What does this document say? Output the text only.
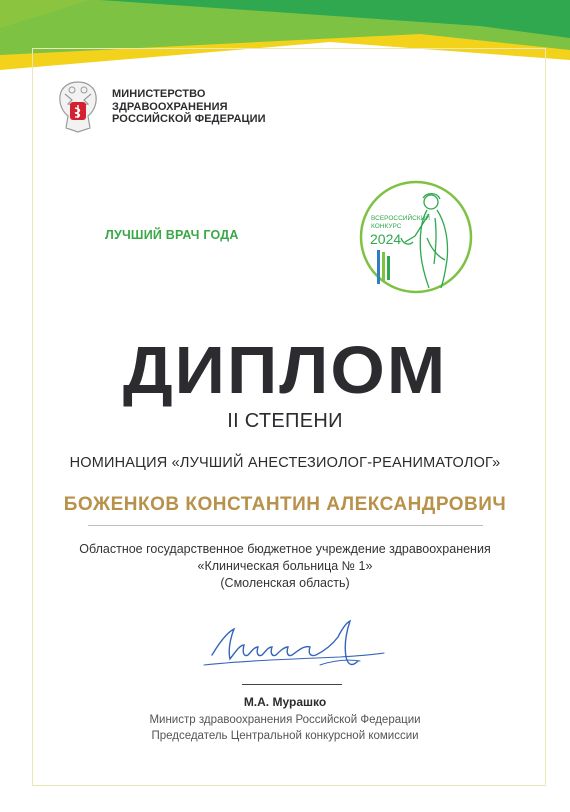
МИНИСТЕРСТВО
ЗДРАВООХРАНЕНИЯ
РОССИЙСКОЙ ФЕДЕРАЦИИ
ЛУЧШИЙ ВРАЧ ГОДА
ВСЕРОССИЙСКИЙ
КОНКУРС
2024
ДИПЛОМ
II СТЕПЕНИ
НОМИНАЦИЯ «ЛУЧШИЙ АНЕСТЕЗИОЛОГ-РЕАНИМАТОЛОГ»
БОЖЕНКОВ КОНСТАНТИН АЛЕКСАНДРОВИЧ
Областное государственное бюджетное учреждение здравоохранения
«Клиническая больница № 1»
(Смоленская область)
М.А. Мурашко
Министр здравоохранения Российской Федерации
Председатель Центральной конкурсной комиссии
